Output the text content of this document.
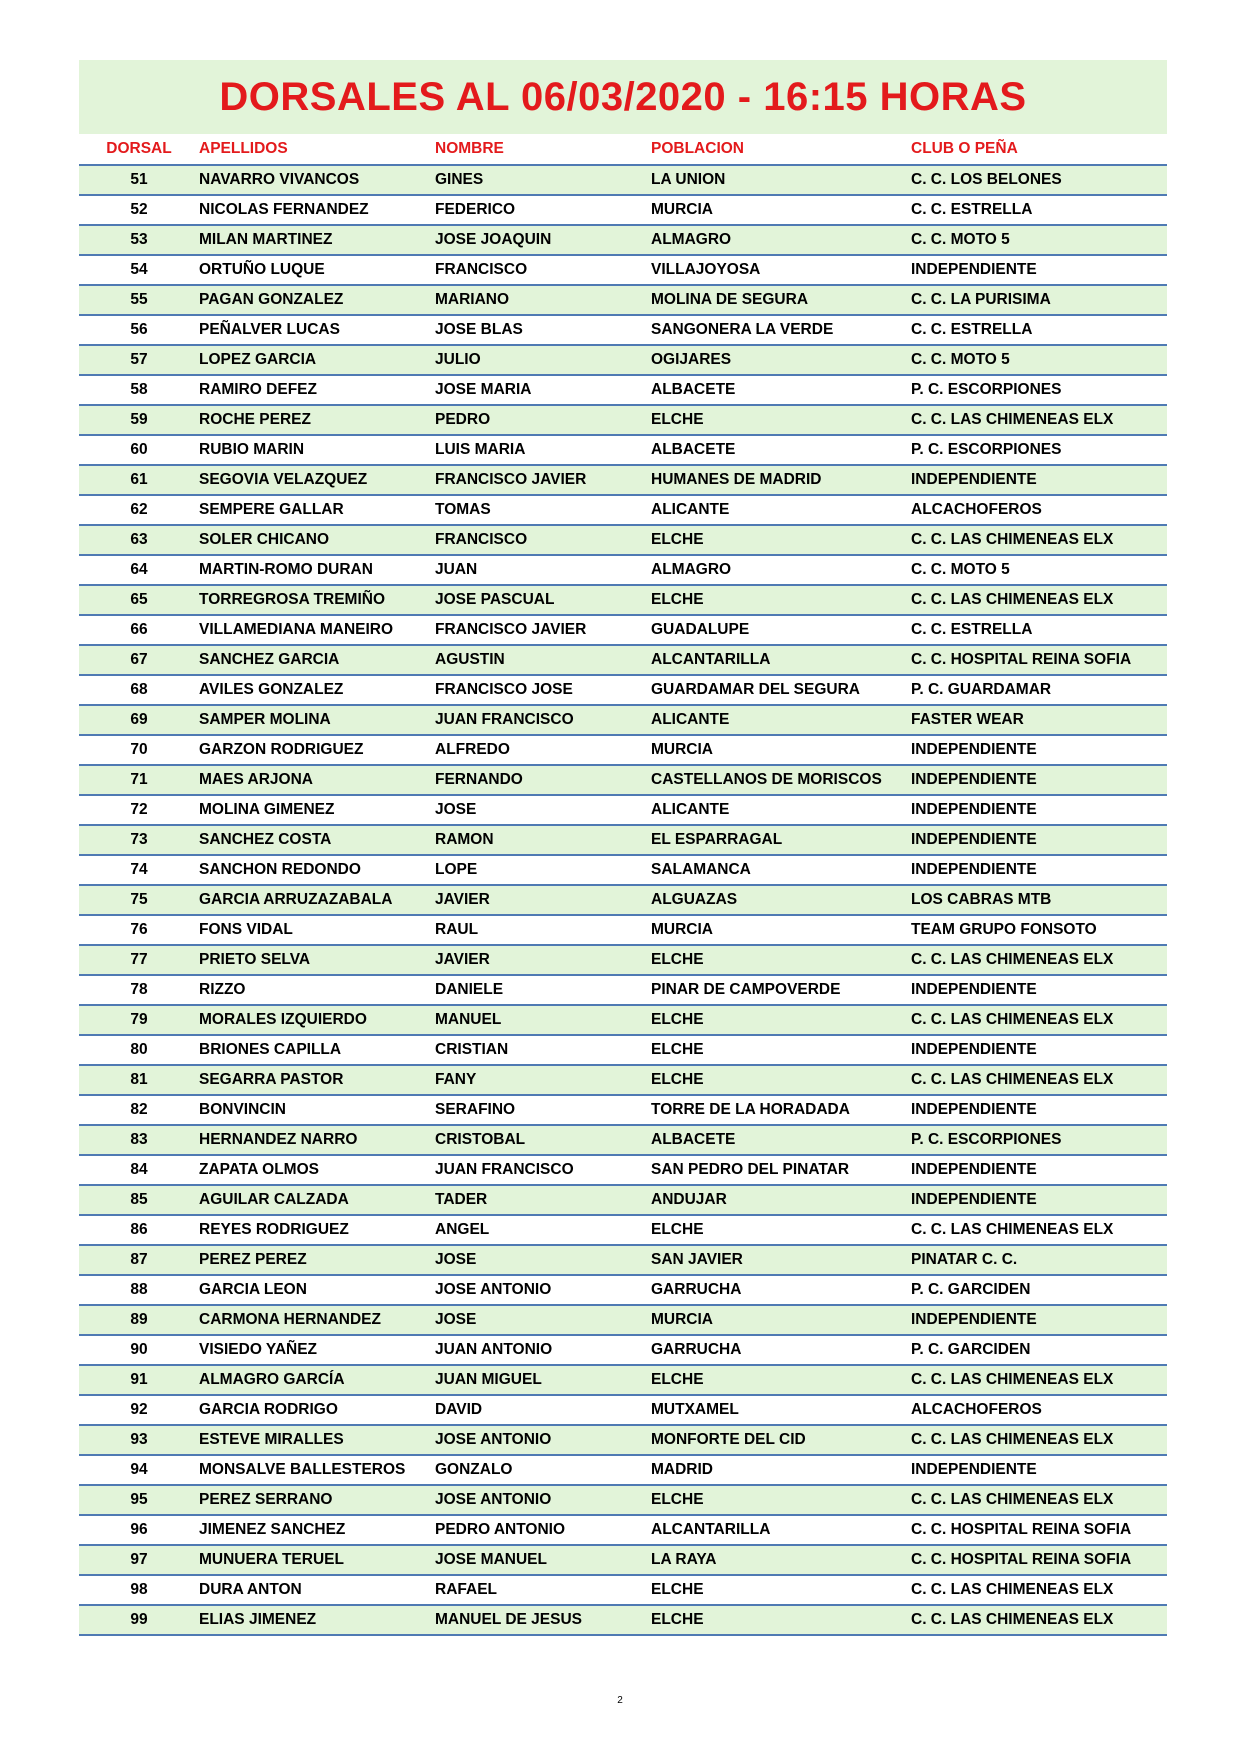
DORSALES AL 06/03/2020 - 16:15 HORAS
DORSAL	APELLIDOS	NOMBRE	POBLACION	CLUB O PEÑA
51	NAVARRO VIVANCOS	GINES	LA UNION	C. C. LOS BELONES
52	NICOLAS FERNANDEZ	FEDERICO	MURCIA	C. C. ESTRELLA
53	MILAN MARTINEZ	JOSE JOAQUIN	ALMAGRO	C. C. MOTO 5
54	ORTUÑO LUQUE	FRANCISCO	VILLAJOYOSA	INDEPENDIENTE
55	PAGAN GONZALEZ	MARIANO	MOLINA DE SEGURA	C. C. LA PURISIMA
56	PEÑALVER LUCAS	JOSE BLAS	SANGONERA LA VERDE	C. C. ESTRELLA
57	LOPEZ GARCIA	JULIO	OGIJARES	C. C. MOTO 5
58	RAMIRO DEFEZ	JOSE MARIA	ALBACETE	P. C. ESCORPIONES
59	ROCHE PEREZ	PEDRO	ELCHE	C. C. LAS CHIMENEAS ELX
60	RUBIO MARIN	LUIS MARIA	ALBACETE	P. C. ESCORPIONES
61	SEGOVIA VELAZQUEZ	FRANCISCO JAVIER	HUMANES DE MADRID	INDEPENDIENTE
62	SEMPERE GALLAR	TOMAS	ALICANTE	ALCACHOFEROS
63	SOLER CHICANO	FRANCISCO	ELCHE	C. C. LAS CHIMENEAS ELX
64	MARTIN-ROMO DURAN	JUAN	ALMAGRO	C. C. MOTO 5
65	TORREGROSA TREMIÑO	JOSE PASCUAL	ELCHE	C. C. LAS CHIMENEAS ELX
66	VILLAMEDIANA MANEIRO	FRANCISCO JAVIER	GUADALUPE	C. C. ESTRELLA
67	SANCHEZ GARCIA	AGUSTIN	ALCANTARILLA	C. C. HOSPITAL REINA SOFIA
68	AVILES GONZALEZ	FRANCISCO JOSE	GUARDAMAR DEL SEGURA	P. C. GUARDAMAR
69	SAMPER MOLINA	JUAN FRANCISCO	ALICANTE	FASTER WEAR
70	GARZON RODRIGUEZ	ALFREDO	MURCIA	INDEPENDIENTE
71	MAES ARJONA	FERNANDO	CASTELLANOS DE MORISCOS	INDEPENDIENTE
72	MOLINA GIMENEZ	JOSE	ALICANTE	INDEPENDIENTE
73	SANCHEZ COSTA	RAMON	EL ESPARRAGAL	INDEPENDIENTE
74	SANCHON REDONDO	LOPE	SALAMANCA	INDEPENDIENTE
75	GARCIA ARRUZAZABALA	JAVIER	ALGUAZAS	LOS CABRAS MTB
76	FONS VIDAL	RAUL	MURCIA	TEAM GRUPO FONSOTO
77	PRIETO SELVA	JAVIER	ELCHE	C. C. LAS CHIMENEAS ELX
78	RIZZO	DANIELE	PINAR DE CAMPOVERDE	INDEPENDIENTE
79	MORALES IZQUIERDO	MANUEL	ELCHE	C. C. LAS CHIMENEAS ELX
80	BRIONES CAPILLA	CRISTIAN	ELCHE	INDEPENDIENTE
81	SEGARRA PASTOR	FANY	ELCHE	C. C. LAS CHIMENEAS ELX
82	BONVINCIN	SERAFINO	TORRE DE LA HORADADA	INDEPENDIENTE
83	HERNANDEZ NARRO	CRISTOBAL	ALBACETE	P. C. ESCORPIONES
84	ZAPATA OLMOS	JUAN FRANCISCO	SAN PEDRO DEL PINATAR	INDEPENDIENTE
85	AGUILAR CALZADA	TADER	ANDUJAR	INDEPENDIENTE
86	REYES RODRIGUEZ	ANGEL	ELCHE	C. C. LAS CHIMENEAS ELX
87	PEREZ PEREZ	JOSE	SAN JAVIER	PINATAR C. C.
88	GARCIA LEON	JOSE ANTONIO	GARRUCHA	P. C. GARCIDEN
89	CARMONA HERNANDEZ	JOSE	MURCIA	INDEPENDIENTE
90	VISIEDO YAÑEZ	JUAN ANTONIO	GARRUCHA	P. C. GARCIDEN
91	ALMAGRO GARCÍA	JUAN MIGUEL	ELCHE	C. C. LAS CHIMENEAS ELX
92	GARCIA RODRIGO	DAVID	MUTXAMEL	ALCACHOFEROS
93	ESTEVE MIRALLES	JOSE ANTONIO	MONFORTE DEL CID	C. C. LAS CHIMENEAS ELX
94	MONSALVE BALLESTEROS	GONZALO	MADRID	INDEPENDIENTE
95	PEREZ SERRANO	JOSE ANTONIO	ELCHE	C. C. LAS CHIMENEAS ELX
96	JIMENEZ SANCHEZ	PEDRO ANTONIO	ALCANTARILLA	C. C. HOSPITAL REINA SOFIA
97	MUNUERA TERUEL	JOSE MANUEL	LA RAYA	C. C. HOSPITAL REINA SOFIA
98	DURA ANTON	RAFAEL	ELCHE	C. C. LAS CHIMENEAS ELX
99	ELIAS JIMENEZ	MANUEL DE JESUS	ELCHE	C. C. LAS CHIMENEAS ELX
2
